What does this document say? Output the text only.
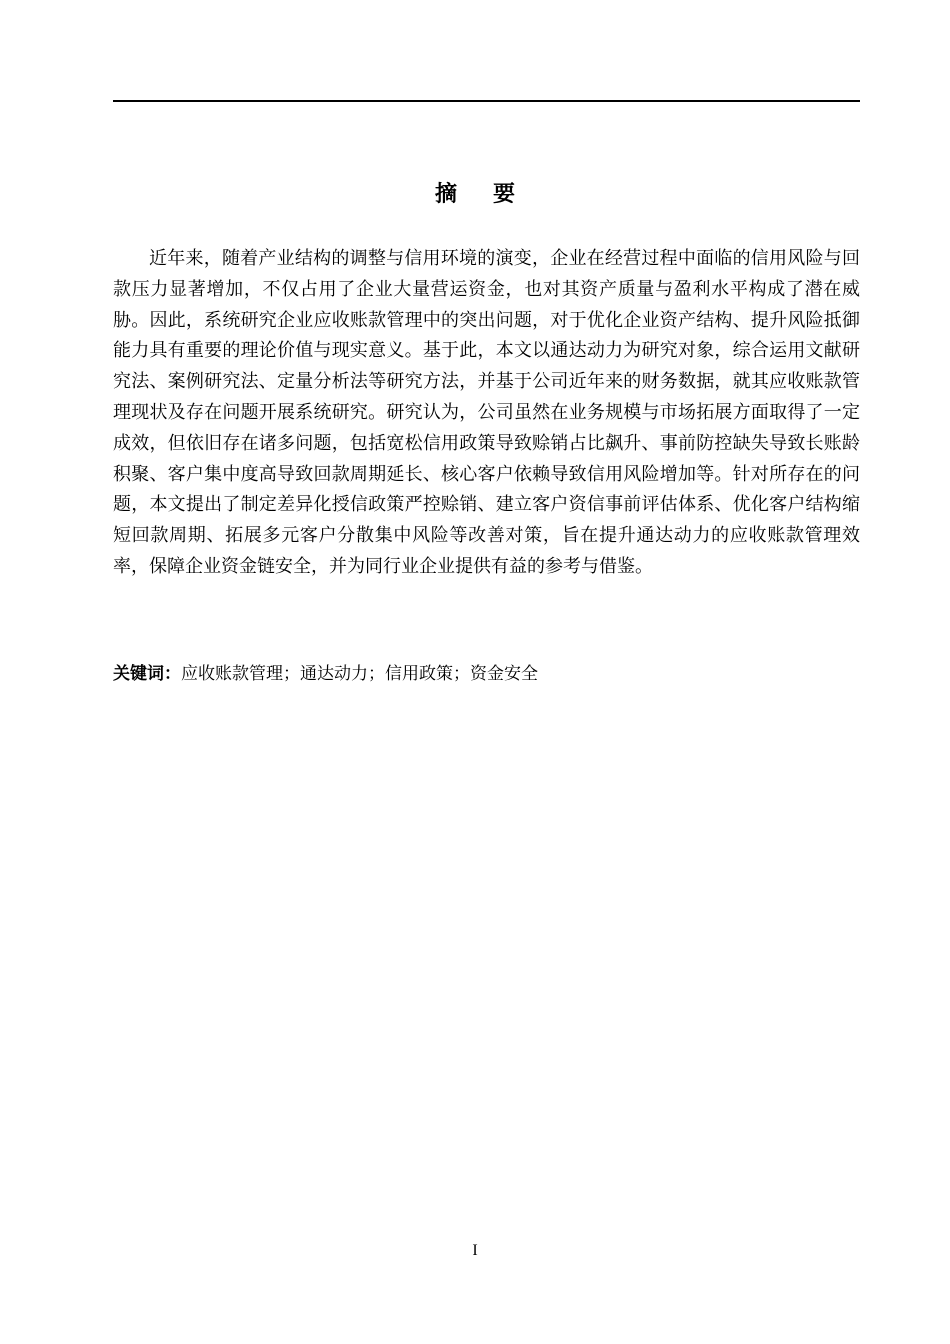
摘 要

近年来，随着产业结构的调整与信用环境的演变，企业在经营过程中面临的信用风险与回款压力显著增加，不仅占用了企业大量营运资金，也对其资产质量与盈利水平构成了潜在威胁。因此，系统研究企业应收账款管理中的突出问题，对于优化企业资产结构、提升风险抵御能力具有重要的理论价值与现实意义。基于此，本文以通达动力为研究对象，综合运用文献研究法、案例研究法、定量分析法等研究方法，并基于公司近年来的财务数据，就其应收账款管理现状及存在问题开展系统研究。研究认为，公司虽然在业务规模与市场拓展方面取得了一定成效，但依旧存在诸多问题，包括宽松信用政策导致赊销占比飙升、事前防控缺失导致长账龄积聚、客户集中度高导致回款周期延长、核心客户依赖导致信用风险增加等。针对所存在的问题，本文提出了制定差异化授信政策严控赊销、建立客户资信事前评估体系、优化客户结构缩短回款周期、拓展多元客户分散集中风险等改善对策，旨在提升通达动力的应收账款管理效率，保障企业资金链安全，并为同行业企业提供有益的参考与借鉴。

关键词：应收账款管理；通达动力；信用政策；资金安全
I
